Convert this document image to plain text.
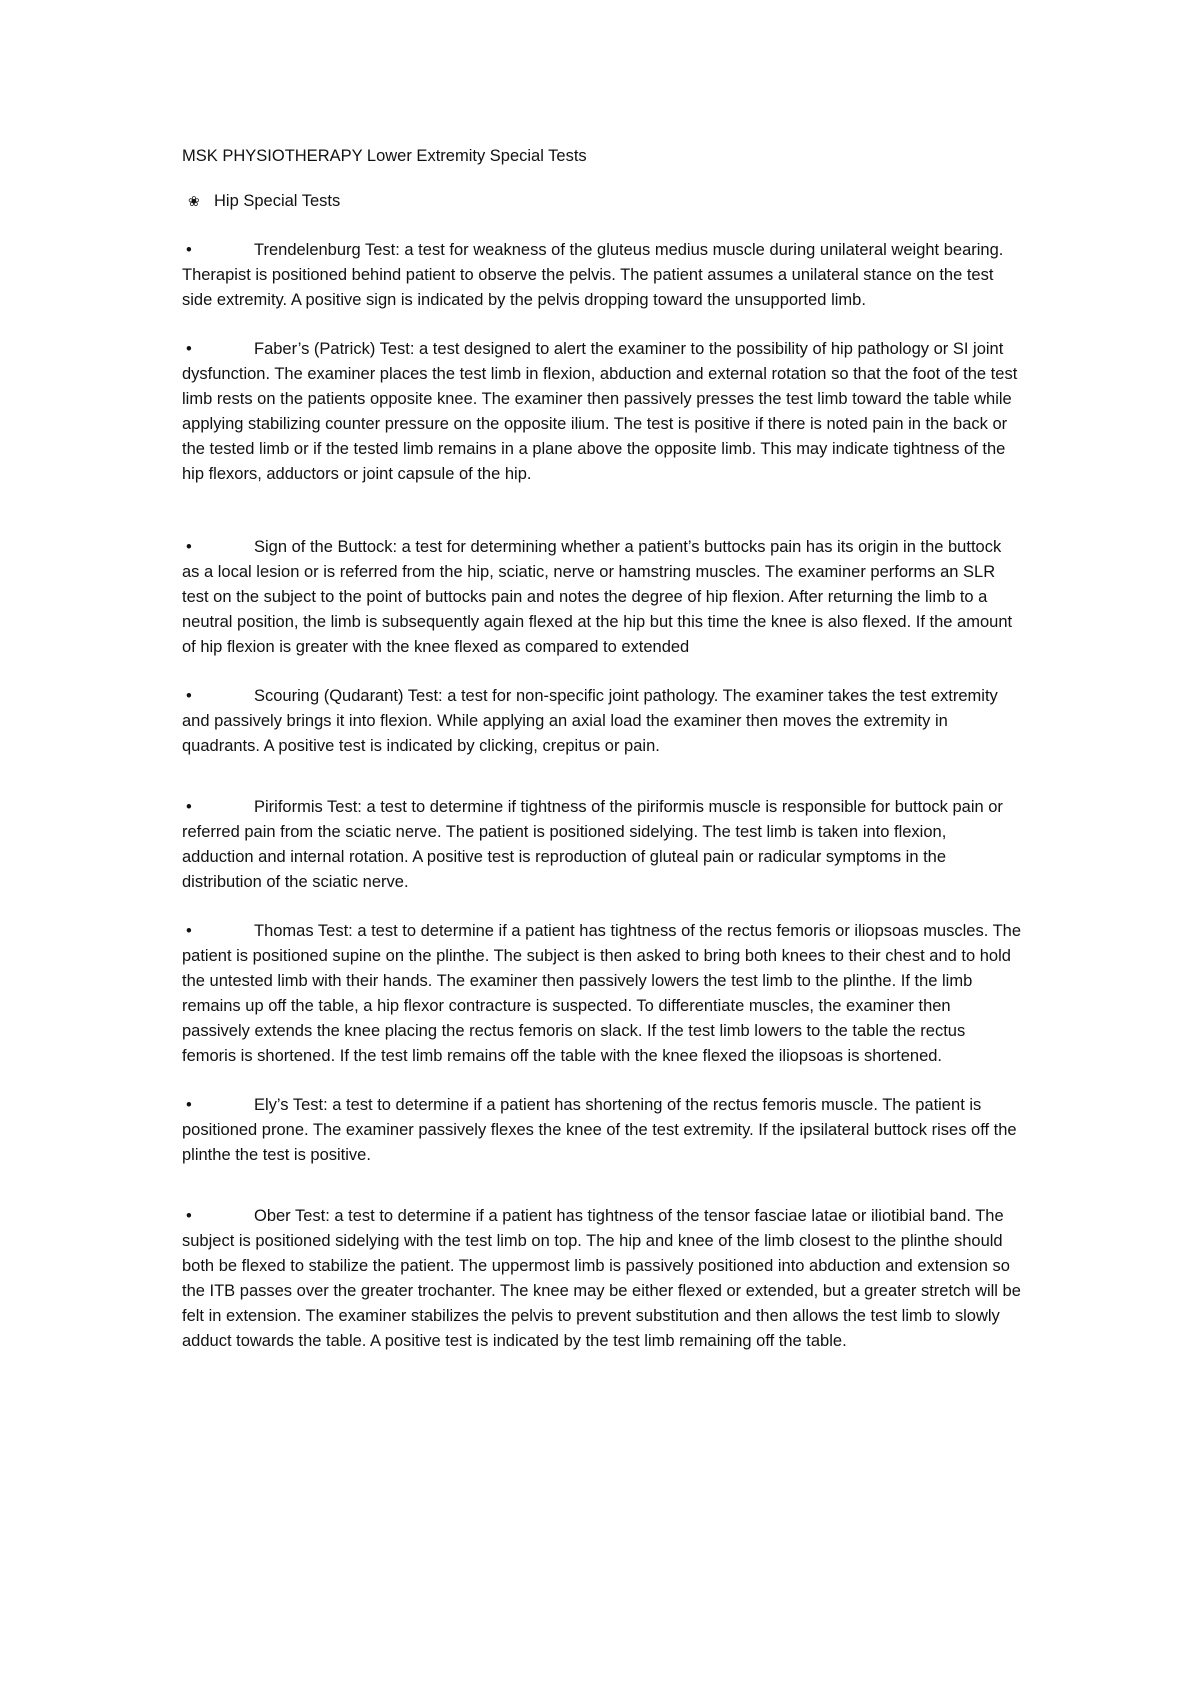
MSK PHYSIOTHERAPY Lower Extremity Special Tests

❀ Hip Special Tests

•	Trendelenburg Test: a test for weakness of the gluteus medius muscle during unilateral weight bearing. Therapist is positioned behind patient to observe the pelvis. The patient assumes a unilateral stance on the test side extremity. A positive sign is indicated by the pelvis dropping toward the unsupported limb.

•	Faber’s (Patrick) Test: a test designed to alert the examiner to the possibility of hip pathology or SI joint dysfunction. The examiner places the test limb in flexion, abduction and external rotation so that the foot of the test limb rests on the patients opposite knee. The examiner then passively presses the test limb toward the table while applying stabilizing counter pressure on the opposite ilium. The test is positive if there is noted pain in the back or the tested limb or if the tested limb remains in a plane above the opposite limb. This may indicate tightness of the hip flexors, adductors or joint capsule of the hip.

•	Sign of the Buttock: a test for determining whether a patient’s buttocks pain has its origin in the buttock as a local lesion or is referred from the hip, sciatic, nerve or hamstring muscles. The examiner performs an SLR test on the subject to the point of buttocks pain and notes the degree of hip flexion. After returning the limb to a neutral position, the limb is subsequently again flexed at the hip but this time the knee is also flexed. If the amount of hip flexion is greater with the knee flexed as compared to extended

•	Scouring (Qudarant) Test: a test for non-specific joint pathology. The examiner takes the test extremity and passively brings it into flexion. While applying an axial load the examiner then moves the extremity in quadrants. A positive test is indicated by clicking, crepitus or pain.

•	Piriformis Test: a test to determine if tightness of the piriformis muscle is responsible for buttock pain or referred pain from the sciatic nerve. The patient is positioned sidelying. The test limb is taken into flexion, adduction and internal rotation. A positive test is reproduction of gluteal pain or radicular symptoms in the distribution of the sciatic nerve.

•	Thomas Test: a test to determine if a patient has tightness of the rectus femoris or iliopsoas muscles. The patient is positioned supine on the plinthe. The subject is then asked to bring both knees to their chest and to hold the untested limb with their hands. The examiner then passively lowers the test limb to the plinthe. If the limb remains up off the table, a hip flexor contracture is suspected. To differentiate muscles, the examiner then passively extends the knee placing the rectus femoris on slack. If the test limb lowers to the table the rectus femoris is shortened. If the test limb remains off the table with the knee flexed the iliopsoas is shortened.

•	Ely’s Test: a test to determine if a patient has shortening of the rectus femoris muscle. The patient is positioned prone. The examiner passively flexes the knee of the test extremity. If the ipsilateral buttock rises off the plinthe the test is positive.

•	Ober Test: a test to determine if a patient has tightness of the tensor fasciae latae or iliotibial band. The subject is positioned sidelying with the test limb on top. The hip and knee of the limb closest to the plinthe should both be flexed to stabilize the patient. The uppermost limb is passively positioned into abduction and extension so the ITB passes over the greater trochanter. The knee may be either flexed or extended, but a greater stretch will be felt in extension. The examiner stabilizes the pelvis to prevent substitution and then allows the test limb to slowly adduct towards the table. A positive test is indicated by the test limb remaining off the table.
